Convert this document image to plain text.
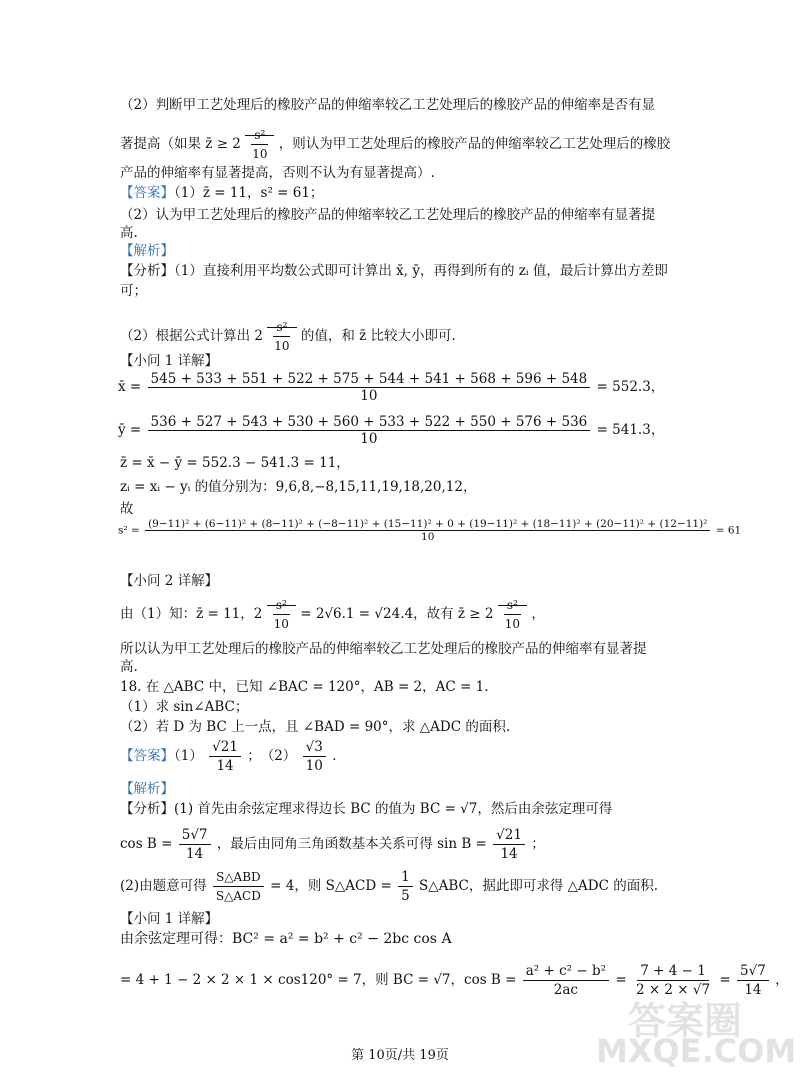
（2）判断甲工艺处理后的橡胶产品的伸缩率较乙工艺处理后的橡胶产品的伸缩率是否有显
著提高（如果 z̄ ≥ $2 \frac{\text{s²}}{10}$ ，则认为甲工艺处理后的橡胶产品的伸缩率较乙工艺处理后的橡胶
产品的伸缩率有显著提高，否则不认为有显著提高）.
【答案】（1）z̄ = 11，s² = 61；
（2）认为甲工艺处理后的橡胶产品的伸缩率较乙工艺处理后的橡胶产品的伸缩率有显著提
高.
【解析】
【分析】（1）直接利用平均数公式即可计算出 x̄, ȳ，再得到所有的 zᵢ 值，最后计算出方差即
可；
（2）根据公式计算出 $2 \frac{\text{s²}}{10}$ 的值，和 z̄ 比较大小即可.
【小问 1 详解】
x̄ = $\frac{545 + 533 + 551 + 522 + 575 + 544 + 541 + 568 + 596 + 548}{10} = 552.3$，
ȳ = $\frac{536 + 527 + 543 + 530 + 560 + 533 + 522 + 550 + 576 + 536}{10} = 541.3$，
z̄ = x̄ − ȳ = 552.3 − 541.3 = 11，
zᵢ = xᵢ − yᵢ 的值分别为：9,6,8,−8,15,11,19,18,20,12，
故
s² =
(9−11)² + (6−11)² + (8−11)² + (−8−11)² + (15−11)² + 0 + (19−11)² + (18−11)² + (20−11)² + (12−11)²
10
= 61
【小问 2 详解】
由（1）知：z̄ = 11，$2 \frac{\text{s²}}{10} = 2√6.1 = √24.4$，故有 z̄ ≥ $2 \frac{\text{s²}}{10}$ ，
所以认为甲工艺处理后的橡胶产品的伸缩率较乙工艺处理后的橡胶产品的伸缩率有显著提
高.
18. 在 △ABC 中，已知 ∠BAC = 120°，AB = 2，AC = 1.
（1）求 sin∠ABC；
（2）若 D 为 BC 上一点，且 ∠BAD = 90°，求 △ADC 的面积.
【答案】$(1) \frac{√21}{14}$ ；　$(2) \frac{√3}{10}$ .
【解析】
【分析】(1) 首先由余弦定理求得边长 BC 的值为 BC = √7，然后由余弦定理可得
$\cos B = \frac{5√7}{14}$ ，最后由同角三角函数基本关系可得 $\sin B = \frac{√21}{14}$ ；
(2)由题意可得 $\frac{\text{S△ABD}}{\text{S△ACD}} = 4$，则 S△ACD = $\frac{1}{5}$ S△ABC，据此即可求得 △ADC 的面积.
【小问 1 详解】
由余弦定理可得：BC² = a² = b² + c² − 2bc cos A
= 4 + 1 − 2 × 2 × 1 × cos120° = 7，则 BC = √7，$\cos B = \frac{\text{a² + c² − b²}}{2ac} = \frac{7 + 4 - 1}{2 \times 2 \times √7} = \frac{5√7}{14}$ ，
答案圈
MXQE.COM
第 10页/共 19页
